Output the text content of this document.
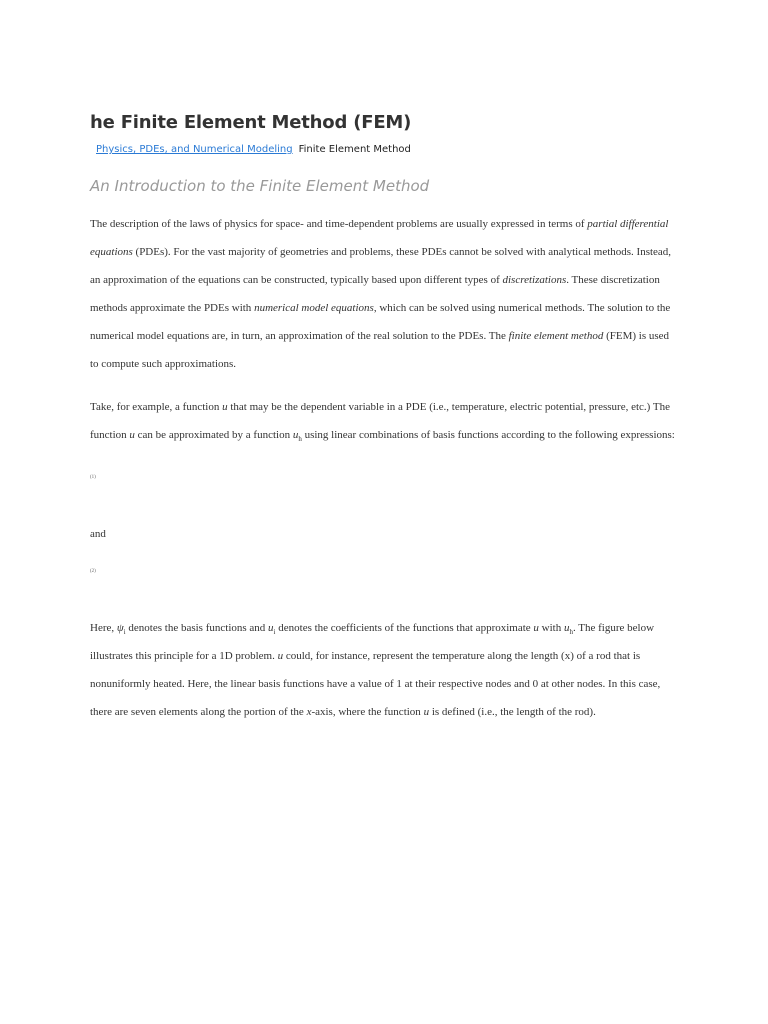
he Finite Element Method (FEM)
Physics, PDEs, and Numerical Modeling Finite Element Method
An Introduction to the Finite Element Method

The description of the laws of physics for space- and time-dependent problems are usually expressed in terms of partial differential equations (PDEs). For the vast majority of geometries and problems, these PDEs cannot be solved with analytical methods. Instead, an approximation of the equations can be constructed, typically based upon different types of discretizations. These discretization methods approximate the PDEs with numerical model equations, which can be solved using numerical methods. The solution to the numerical model equations are, in turn, an approximation of the real solution to the PDEs. The finite element method (FEM) is used to compute such approximations.

Take, for example, a function u that may be the dependent variable in a PDE (i.e., temperature, electric potential, pressure, etc.) The function u can be approximated by a function $u_h$ using linear combinations of basis functions according to the following expressions:

(1)
and
(2)

Here, $\psi_i$ denotes the basis functions and $u_i$ denotes the coefficients of the functions that approximate u with $u_h$. The figure below illustrates this principle for a 1D problem. u could, for instance, represent the temperature along the length (x) of a rod that is nonuniformly heated. Here, the linear basis functions have a value of 1 at their respective nodes and 0 at other nodes. In this case, there are seven elements along the portion of the x-axis, where the function u is defined (i.e., the length of the rod).
